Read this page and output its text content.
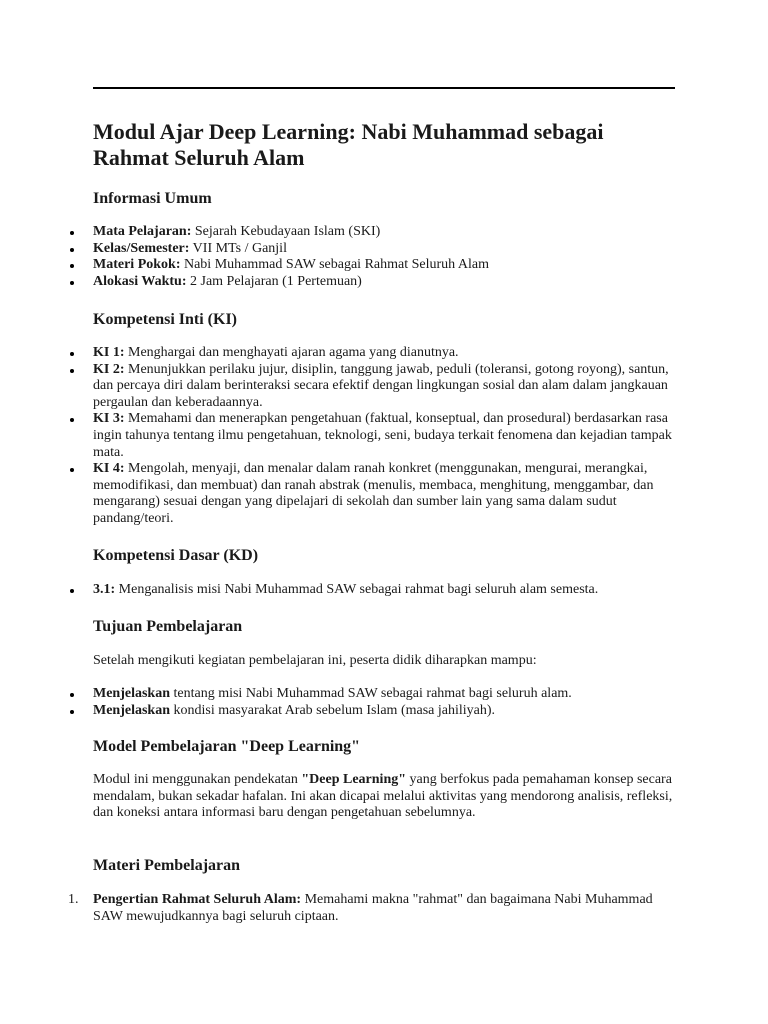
Modul Ajar Deep Learning: Nabi Muhammad sebagai Rahmat Seluruh Alam
Informasi Umum
Mata Pelajaran: Sejarah Kebudayaan Islam (SKI)
Kelas/Semester: VII MTs / Ganjil
Materi Pokok: Nabi Muhammad SAW sebagai Rahmat Seluruh Alam
Alokasi Waktu: 2 Jam Pelajaran (1 Pertemuan)
Kompetensi Inti (KI)
KI 1: Menghargai dan menghayati ajaran agama yang dianutnya.
KI 2: Menunjukkan perilaku jujur, disiplin, tanggung jawab, peduli (toleransi, gotong royong), santun, dan percaya diri dalam berinteraksi secara efektif dengan lingkungan sosial dan alam dalam jangkauan pergaulan dan keberadaannya.
KI 3: Memahami dan menerapkan pengetahuan (faktual, konseptual, dan prosedural) berdasarkan rasa ingin tahunya tentang ilmu pengetahuan, teknologi, seni, budaya terkait fenomena dan kejadian tampak mata.
KI 4: Mengolah, menyaji, dan menalar dalam ranah konkret (menggunakan, mengurai, merangkai, memodifikasi, dan membuat) dan ranah abstrak (menulis, membaca, menghitung, menggambar, dan mengarang) sesuai dengan yang dipelajari di sekolah dan sumber lain yang sama dalam sudut pandang/teori.
Kompetensi Dasar (KD)
3.1: Menganalisis misi Nabi Muhammad SAW sebagai rahmat bagi seluruh alam semesta.
Tujuan Pembelajaran

Setelah mengikuti kegiatan pembelajaran ini, peserta didik diharapkan mampu:

Menjelaskan tentang misi Nabi Muhammad SAW sebagai rahmat bagi seluruh alam.
Menjelaskan kondisi masyarakat Arab sebelum Islam (masa jahiliyah).
Model Pembelajaran "Deep Learning"

Modul ini menggunakan pendekatan "Deep Learning" yang berfokus pada pemahaman konsep secara mendalam, bukan sekadar hafalan. Ini akan dicapai melalui aktivitas yang mendorong analisis, refleksi, dan koneksi antara informasi baru dengan pengetahuan sebelumnya.

Materi Pembelajaran
1. Pengertian Rahmat Seluruh Alam: Memahami makna "rahmat" dan bagaimana Nabi Muhammad SAW mewujudkannya bagi seluruh ciptaan.
